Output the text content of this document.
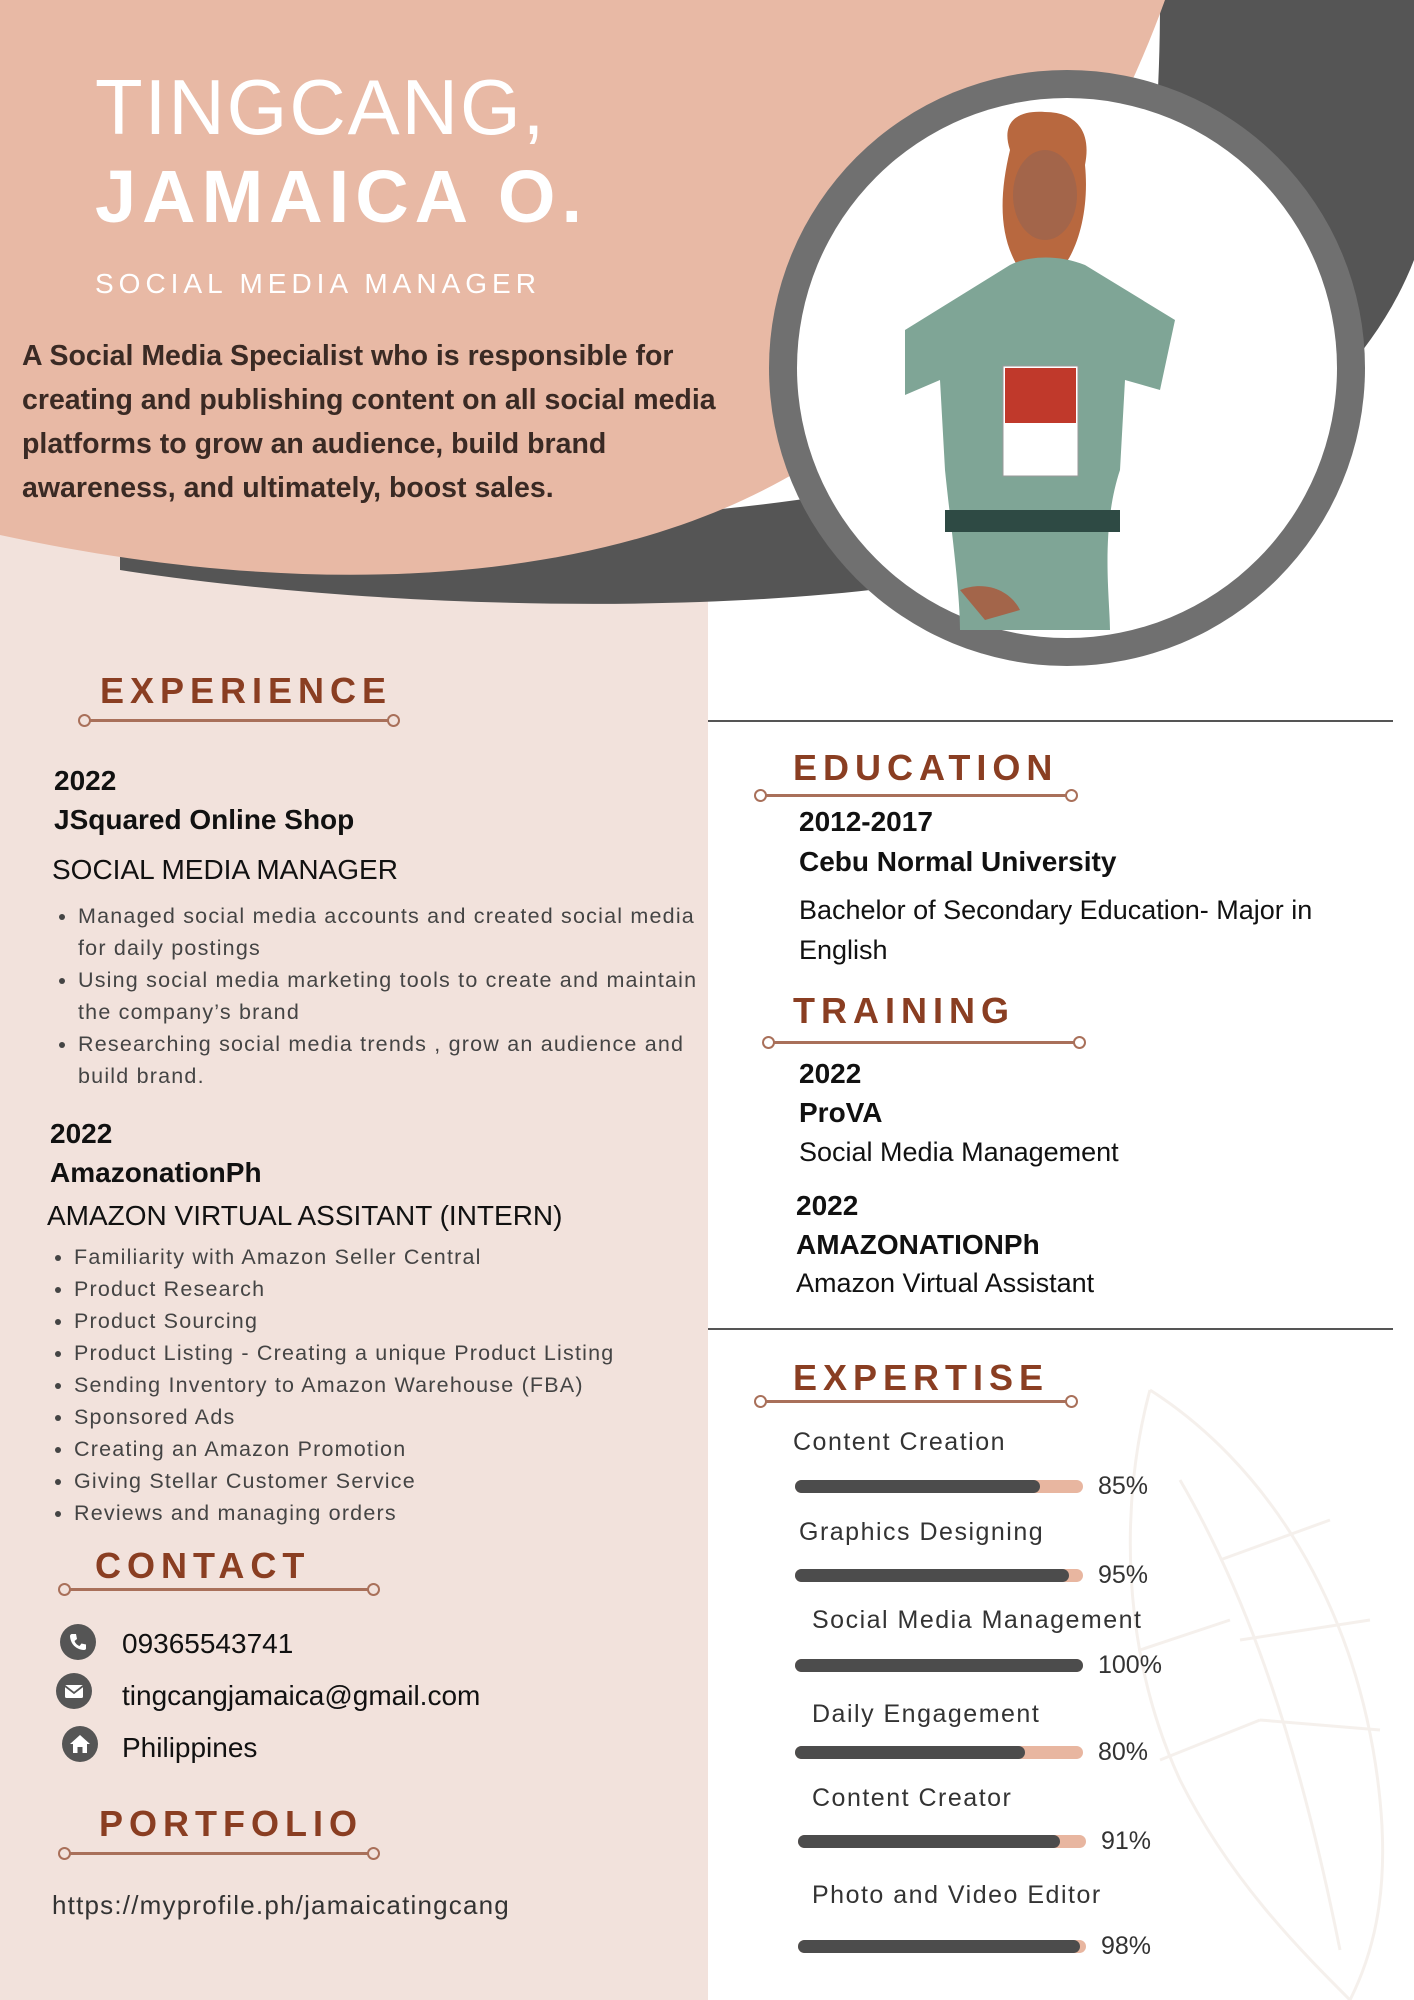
TINGCANG,
JAMAICA O.
SOCIAL MEDIA MANAGER
A Social Media Specialist who is responsible for creating and publishing content on all social media platforms to grow an audience, build brand awareness, and ultimately, boost sales.
EXPERIENCE
2022
JSquared Online Shop
SOCIAL MEDIA MANAGER
• Managed social media accounts and created social media for daily postings
• Using social media marketing tools to create and maintain the company’s brand
• Researching social media trends , grow an audience and build brand.
2022
AmazonationPh
AMAZON VIRTUAL ASSITANT (INTERN)
• Familiarity with Amazon Seller Central
• Product Research
• Product Sourcing
• Product Listing - Creating a unique Product Listing
• Sending Inventory to Amazon Warehouse (FBA)
• Sponsored Ads
• Creating an Amazon Promotion
• Giving Stellar Customer Service
• Reviews and managing orders
CONTACT
09365543741
tingcangjamaica@gmail.com
Philippines
PORTFOLIO
https://myprofile.ph/jamaicatingcang
EDUCATION
2012-2017
Cebu Normal University
Bachelor of Secondary Education- Major in English
TRAINING
2022
ProVA
Social Media Management
2022
AMAZONATIONPh
Amazon Virtual Assistant
EXPERTISE
Content Creation
85%
Graphics Designing
95%
Social Media Management
100%
Daily Engagement
80%
Content Creator
91%
Photo and Video Editor
98%
